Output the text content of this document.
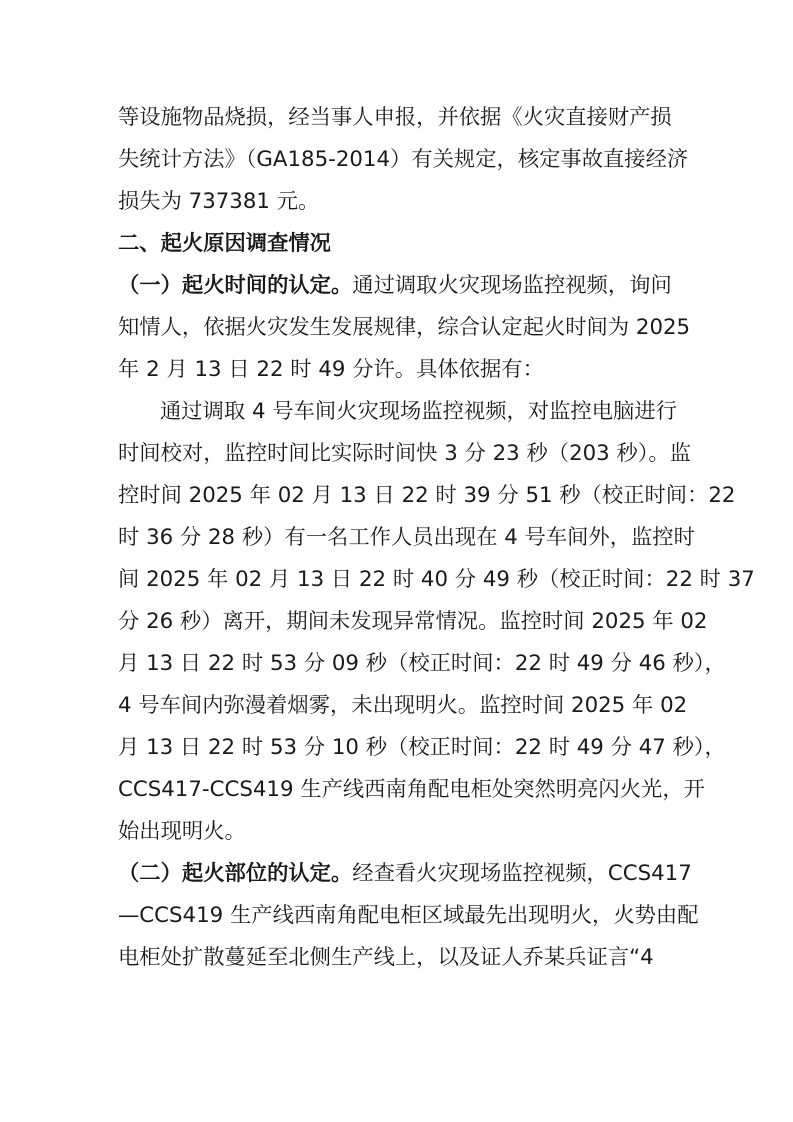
等设施物品烧损，经当事人申报，并依据《火灾直接财产损
失统计方法》（GA185-2014）有关规定，核定事故直接经济
损失为 737381 元。
二、起火原因调查情况
（一）起火时间的认定。通过调取火灾现场监控视频，询问
知情人，依据火灾发生发展规律，综合认定起火时间为 2025
年 2 月 13 日 22 时 49 分许。具体依据有：
通过调取 4 号车间火灾现场监控视频，对监控电脑进行
时间校对，监控时间比实际时间快 3 分 23 秒（203 秒）。监
控时间 2025 年 02 月 13 日 22 时 39 分 51 秒（校正时间：22
时 36 分 28 秒）有一名工作人员出现在 4 号车间外，监控时
间 2025 年 02 月 13 日 22 时 40 分 49 秒（校正时间：22 时 37
分 26 秒）离开，期间未发现异常情况。监控时间 2025 年 02
月 13 日 22 时 53 分 09 秒（校正时间：22 时 49 分 46 秒），
4 号车间内弥漫着烟雾，未出现明火。监控时间 2025 年 02
月 13 日 22 时 53 分 10 秒（校正时间：22 时 49 分 47 秒），
CCS417-CCS419 生产线西南角配电柜处突然明亮闪火光，开
始出现明火。
（二）起火部位的认定。经查看火灾现场监控视频，CCS417
—CCS419 生产线西南角配电柜区域最先出现明火，火势由配
电柜处扩散蔓延至北侧生产线上，以及证人乔某兵证言“4
